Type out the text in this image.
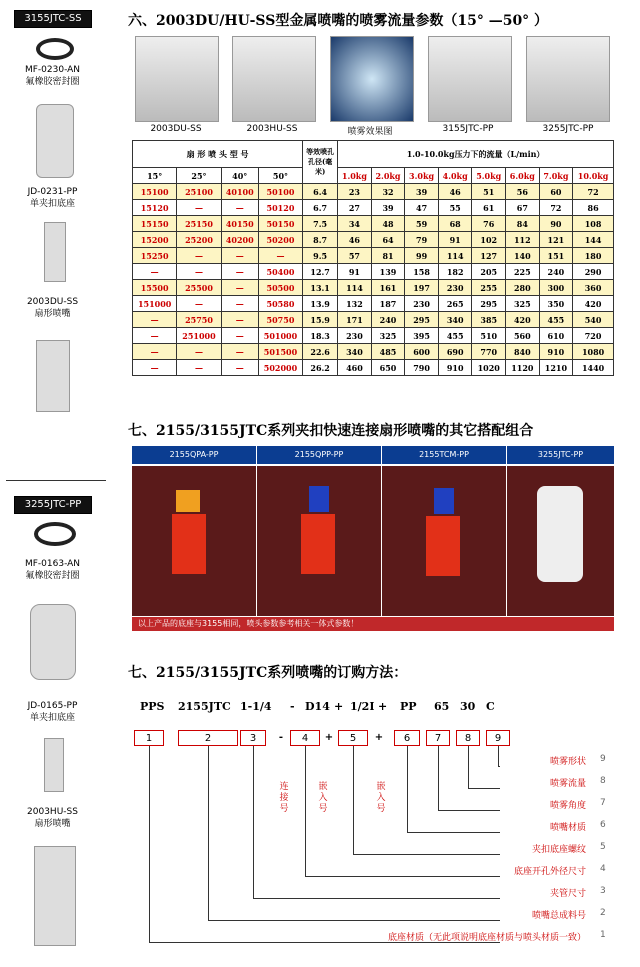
3155JTC-SS
MF-0230-AN
氟橡胶密封圈
JD-0231-PP
单夹扣底座
2003DU-SS
扇形喷嘴
3255JTC-PP
MF-0163-AN
氟橡胶密封圈
JD-0165-PP
单夹扣底座
2003HU-SS
扇形喷嘴
六、2003DU/HU-SS型金属喷嘴的喷雾流量参数（15° —50° ）
2003DU-SS	2003HU-SS	喷雾效果图	3155JTC-PP	3255JTC-PP
扇 形 喷 头 型 号				等效喷孔孔径(毫米)	1.0-10.0kg压力下的流量（L/min）							
15°	25°	40°	50°		1.0kg	2.0kg	3.0kg	4.0kg	5.0kg	6.0kg	7.0kg	10.0kg
15100	25100	40100	50100	6.4	23	32	39	46	51	56	60	72
15120	—	—	50120	6.7	27	39	47	55	61	67	72	86
15150	25150	40150	50150	7.5	34	48	59	68	76	84	90	108
15200	25200	40200	50200	8.7	46	64	79	91	102	112	121	144
15250	—	—	—	9.5	57	81	99	114	127	140	151	180
—	—	—	50400	12.7	91	139	158	182	205	225	240	290
15500	25500	—	50500	13.1	114	161	197	230	255	280	300	360
151000	—	—	50580	13.9	132	187	230	265	295	325	350	420
—	25750	—	50750	15.9	171	240	295	340	385	420	455	540
—	251000	—	501000	18.3	230	325	395	455	510	560	610	720
—	—	—	501500	22.6	340	485	600	690	770	840	910	1080
—	—	—	502000	26.2	460	650	790	910	1020	1120	1210	1440
七、2155/3155JTC系列夹扣快速连接扇形喷嘴的其它搭配组合
2155QPA-PP	2155QPP-PP	2155TCM-PP	3255JTC-PP
以上产品的底座与3155相同，喷头参数参考相关一体式参数！
七、2155/3155JTC系列喷嘴的订购方法：
PPS 2155JTC 1-1/4 - D14 + 1/2I + PP 65 30 C
1	2	3	-	4	+	5	+	6	7	8	9
连接号
嵌入号
嵌入号
喷雾形状 9
喷雾流量 8
喷雾角度 7
喷嘴材质 6
夹扣底座螺纹 5
底座开孔外径尺寸 4
夹管尺寸 3
喷嘴总成料号 2
底座材质（无此项说明底座材质与喷头材质一致） 1
